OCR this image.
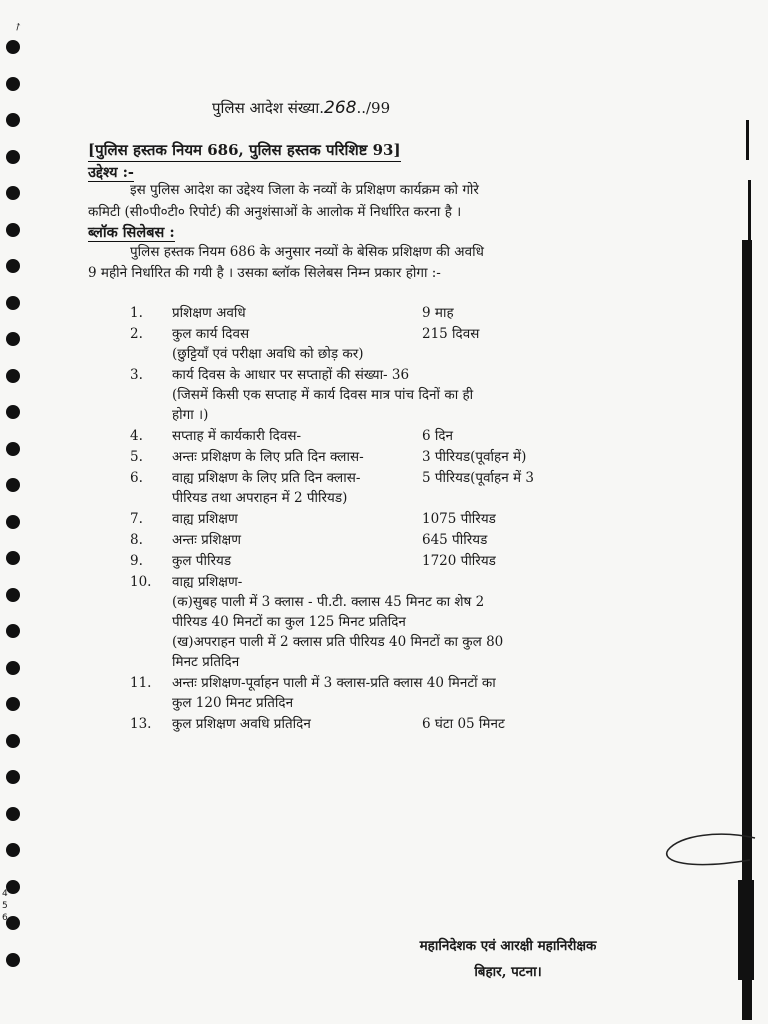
↗
पुलिस आदेश संख्या.268../99
[पुलिस हस्तक नियम 686, पुलिस हस्तक परिशिष्ट 93]
उद्देश्य :-
इस पुलिस आदेश का उद्देश्य जिला के नव्यों के प्रशिक्षण कार्यक्रम को गोरे
कमिटी (सी०पी०टी० रिपोर्ट) की अनुशंसाओं के आलोक में निर्धारित करना है ।
ब्लॉक सिलेबस :
पुलिस हस्तक नियम 686 के अनुसार नव्यों के बेसिक प्रशिक्षण की अवधि
9 महीने निर्धारित की गयी है । उसका ब्लॉक सिलेबस निम्न प्रकार होगा :-
1. प्रशिक्षण अवधि	9 माह
2. कुल कार्य दिवस	215 दिवस
(छुट्टियाँ एवं परीक्षा अवधि को छोड़ कर)
3. कार्य दिवस के आधार पर सप्ताहों की संख्या- 36
(जिसमें किसी एक सप्ताह में कार्य दिवस मात्र पांच दिनों का ही
होगा ।)
4. सप्ताह में कार्यकारी दिवस-	6 दिन
5. अन्तः प्रशिक्षण के लिए प्रति दिन क्लास-	3 पीरियड(पूर्वाहन में)
6. वाह्य प्रशिक्षण के लिए प्रति दिन क्लास-	5 पीरियड(पूर्वाहन में 3
पीरियड तथा अपराहन में 2 पीरियड)
7. वाह्य प्रशिक्षण	1075 पीरियड
8. अन्तः प्रशिक्षण	645 पीरियड
9. कुल पीरियड	1720 पीरियड
10. वाह्य प्रशिक्षण-
(क)सुबह पाली में 3 क्लास - पी.टी. क्लास 45 मिनट का शेष 2
पीरियड 40 मिनटों का कुल 125 मिनट प्रतिदिन
(ख)अपराहन पाली में 2 क्लास प्रति पीरियड 40 मिनटों का कुल 80
मिनट प्रतिदिन
11. अन्तः प्रशिक्षण-पूर्वाहन पाली में 3 क्लास-प्रति क्लास 40 मिनटों का
कुल 120 मिनट प्रतिदिन
13. कुल प्रशिक्षण अवधि प्रतिदिन	6 घंटा 05 मिनट
महानिदेशक एवं आरक्षी महानिरीक्षक
बिहार, पटना।
4
5
6
